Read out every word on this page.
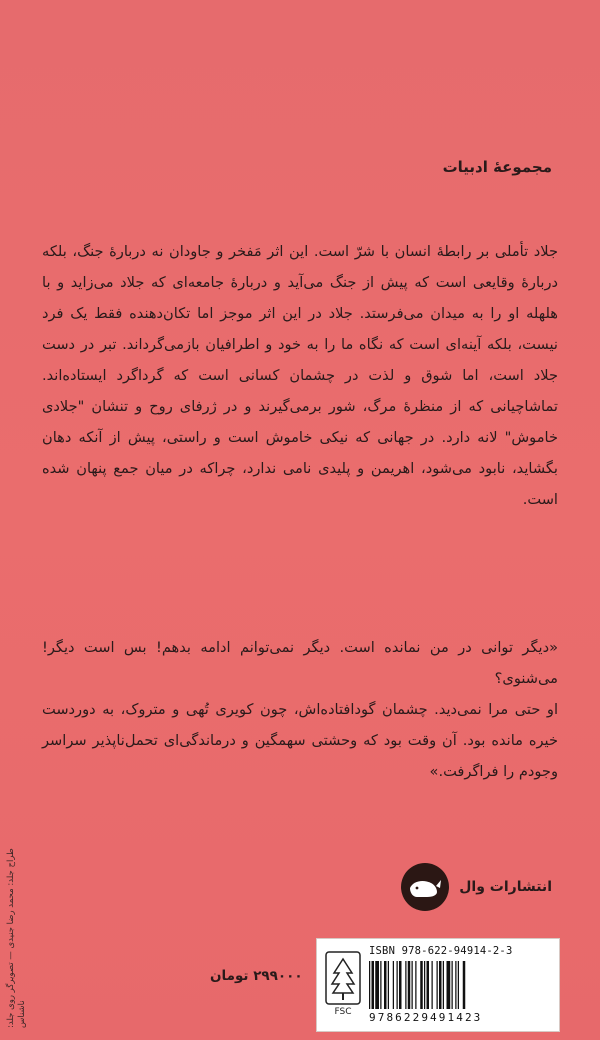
مجموعهٔ ادبیات

جلاد تأملی بر رابطهٔ انسان با شرّ است. این اثر مَفخر و جاودان نه دربارهٔ جنگ، بلکه دربارهٔ وقایعی است که پیش از جنگ می‌آید و دربارهٔ جامعه‌ای که جلاد می‌زاید و با هلهله او را به میدان می‌فرستد. جلاد در این اثر موجز اما تکان‌دهنده فقط یک فرد نیست، بلکه آینه‌ای است که نگاه ما را به خود و اطرافیان بازمی‌گرداند. تبر در دست جلاد است، اما شوق و لذت در چشمان کسانی است که گرداگرد ایستاده‌اند. تماشاچیانی که از منظرهٔ مرگ، شور برمی‌گیرند و در ژرفای روح و تنشان "جلادی خاموش" لانه دارد. در جهانی که نیکی خاموش است و راستی، پیش از آنکه دهان بگشاید، نابود می‌شود، اهریمن و پلیدی نامی ندارد، چراکه در میان جمع پنهان شده است.

«دیگر توانی در من نمانده است. دیگر نمی‌توانم ادامه بدهم! بس است دیگر! می‌شنوی؟

او حتی مرا نمی‌دید. چشمان گودافتاده‌اش، چون کویری تُهی و متروک، به دوردست خیره مانده بود. آن وقت بود که وحشتی سهمگین و درماندگی‌ای تحمل‌ناپذیر سراسر وجودم را فراگرفت.»

انتشارات وال
طراح جلد: محمد رضا جنیدی — تصویرگر روی جلد: ناشناس
۲۹۹۰۰۰ تومان
FSC
ISBN 978-622-94914-2-3
9786229491423
